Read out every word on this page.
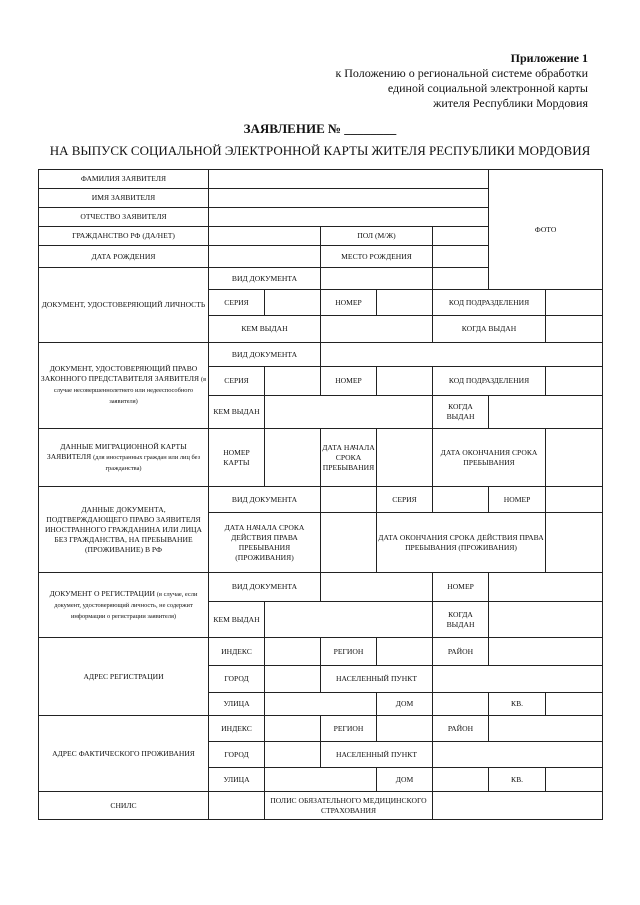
Приложение 1
к Положению о региональной системе обработки
единой социальной электронной карты
жителя Республики Мордовия
ЗАЯВЛЕНИЕ № ________
НА ВЫПУСК СОЦИАЛЬНОЙ ЭЛЕКТРОННОЙ КАРТЫ ЖИТЕЛЯ РЕСПУБЛИКИ МОРДОВИЯ
ФАМИЛИЯ ЗАЯВИТЕЛЯ						ФОТО	
ИМЯ ЗАЯВИТЕЛЯ							
ОТЧЕСТВО ЗАЯВИТЕЛЯ							
ГРАЖДАНСТВО РФ (ДА/НЕТ)			ПОЛ (М/Ж)				
ДАТА РОЖДЕНИЯ			МЕСТО РОЖДЕНИЯ				
ДОКУМЕНТ, УДОСТОВЕРЯЮЩИЙ ЛИЧНОСТЬ	ВИД ДОКУМЕНТА						
	СЕРИЯ		НОМЕР		КОД ПОДРАЗДЕЛЕНИЯ		
	КЕМ ВЫДАН				КОГДА ВЫДАН		
ДОКУМЕНТ, УДОСТОВЕРЯЮЩИЙ ПРАВО ЗАКОННОГО ПРЕДСТАВИТЕЛЯ ЗАЯВИТЕЛЯ (в случае несовершеннолетнего или недееспособного заявителя)	ВИД ДОКУМЕНТА						
	СЕРИЯ		НОМЕР		КОД ПОДРАЗДЕЛЕНИЯ		
	КЕМ ВЫДАН				КОГДА ВЫДАН		
ДАННЫЕ МИГРАЦИОННОЙ КАРТЫ ЗАЯВИТЕЛЯ (для иностранных граждан или лиц без гражданства)	НОМЕР КАРТЫ		ДАТА НАЧАЛА СРОКА ПРЕБЫВАНИЯ		ДАТА ОКОНЧАНИЯ СРОКА ПРЕБЫВАНИЯ		
ДАННЫЕ ДОКУМЕНТА, ПОДТВЕРЖДАЮЩЕГО ПРАВО ЗАЯВИТЕЛЯ ИНОСТРАННОГО ГРАЖДАНИНА ИЛИ ЛИЦА БЕЗ ГРАЖДАНСТВА, НА ПРЕБЫВАНИЕ (ПРОЖИВАНИЕ) В РФ	ВИД ДОКУМЕНТА			СЕРИЯ		НОМЕР	
	ДАТА НАЧАЛА СРОКА ДЕЙСТВИЯ ПРАВА ПРЕБЫВАНИЯ (ПРОЖИВАНИЯ)			ДАТА ОКОНЧАНИЯ СРОКА ДЕЙСТВИЯ ПРАВА ПРЕБЫВАНИЯ (ПРОЖИВАНИЯ)			
ДОКУМЕНТ О РЕГИСТРАЦИИ (в случае, если документ, удостоверяющий личность, не содержит информации о регистрации заявителя)	ВИД ДОКУМЕНТА				НОМЕР		
	КЕМ ВЫДАН				КОГДА ВЫДАН		
АДРЕС РЕГИСТРАЦИИ	ИНДЕКС		РЕГИОН		РАЙОН		
	ГОРОД		НАСЕЛЕННЫЙ ПУНКТ				
	УЛИЦА			ДОМ		КВ.	
АДРЕС ФАКТИЧЕСКОГО ПРОЖИВАНИЯ	ИНДЕКС		РЕГИОН		РАЙОН		
	ГОРОД		НАСЕЛЕННЫЙ ПУНКТ				
	УЛИЦА			ДОМ		КВ.	
СНИЛС		ПОЛИС ОБЯЗАТЕЛЬНОГО МЕДИЦИНСКОГО СТРАХОВАНИЯ					
